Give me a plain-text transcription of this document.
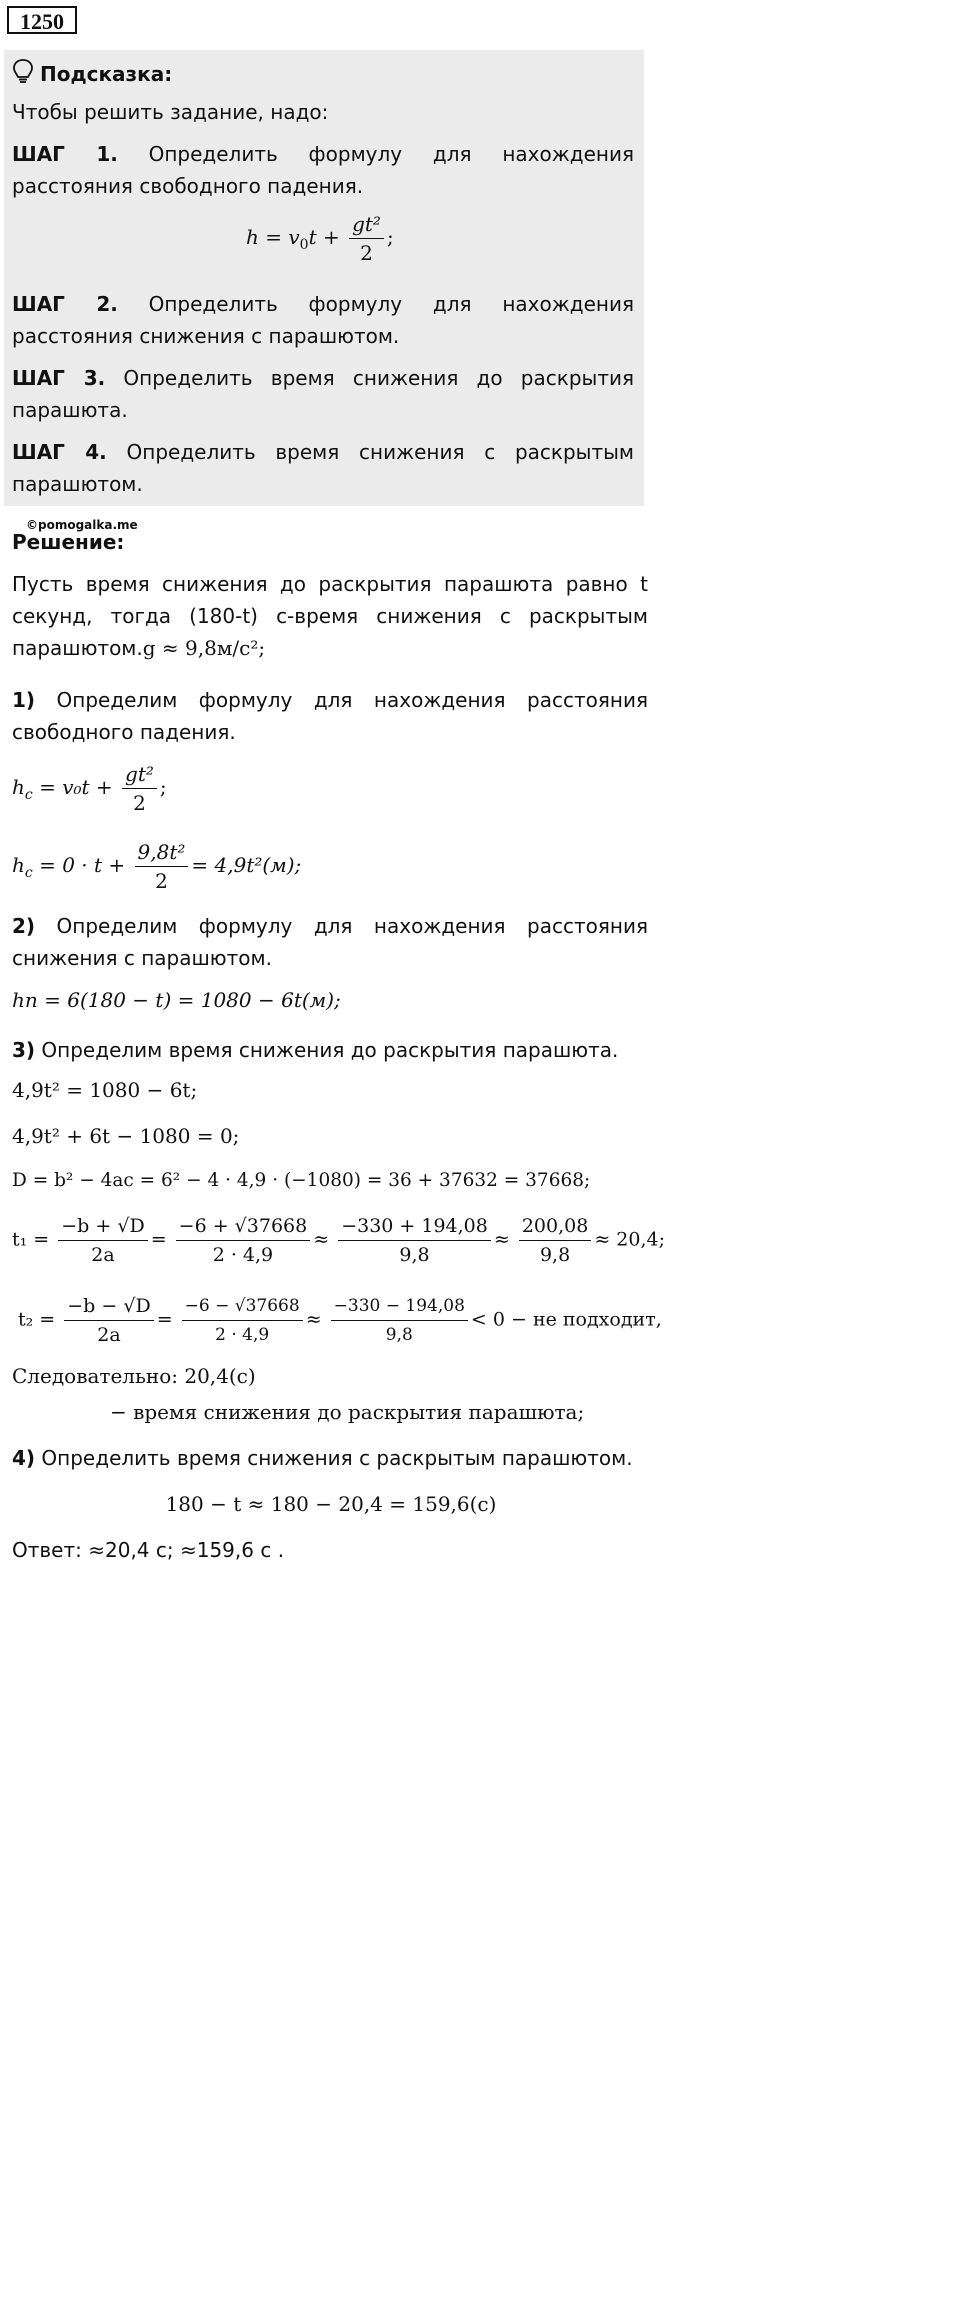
1250
Подсказка:
Чтобы решить задание, надо:
ШАГ 1. Определить формулу для нахождения расстояния свободного падения.
$h = v_0t + \frac{\text{gt²}}{2}$ ;
ШАГ 2. Определить формулу для нахождения расстояния снижения с парашютом.
ШАГ 3. Определить время снижения до раскрытия парашюта.
ШАГ 4. Определить время снижения с раскрытым парашютом.
©pomogalka.me
Решение:
Пусть время снижения до раскрытия парашюта равно t секунд, тогда (180-t) с-время снижения с раскрытым парашютом.g ≈ 9,8м/с²;
1) Определим формулу для нахождения расстояния свободного падения.
$h_c = v_0t + \frac{\text{gt²}}{2}$ ;
$h_c = 0 \cdot t + \frac{\text{9,8t²}}{2} = 4,9t^2(м)$;
2) Определим формулу для нахождения расстояния снижения с парашютом.
hп = 6(180 − t) = 1080 − 6t(м);
3) Определим время снижения до раскрытия парашюта.
4,9t² = 1080 − 6t;
4,9t² + 6t − 1080 = 0;
D = b² − 4ac = 6² − 4 · 4,9 · (−1080) = 36 + 37632 = 37668;
$t_1 = \frac{-b + √D}{2a} = \frac{-6 + √37668}{2 \cdot 4,9} \approx \frac{-330 + 194,08}{9,8} \approx \frac{200,08}{9,8} \approx 20,4$;
$t_2 = \frac{-b - √D}{2a} = \frac{-6 - √37668}{2 \cdot 4,9} \approx \frac{-330 - 194,08}{9,8} < 0$ − не подходит,
Следовательно: 20,4(с)
− время снижения до раскрытия парашюта;
4) Определить время снижения с раскрытым парашютом.
180 − t ≈ 180 − 20,4 = 159,6(с)
Ответ: ≈20,4 с; ≈159,6 с .
